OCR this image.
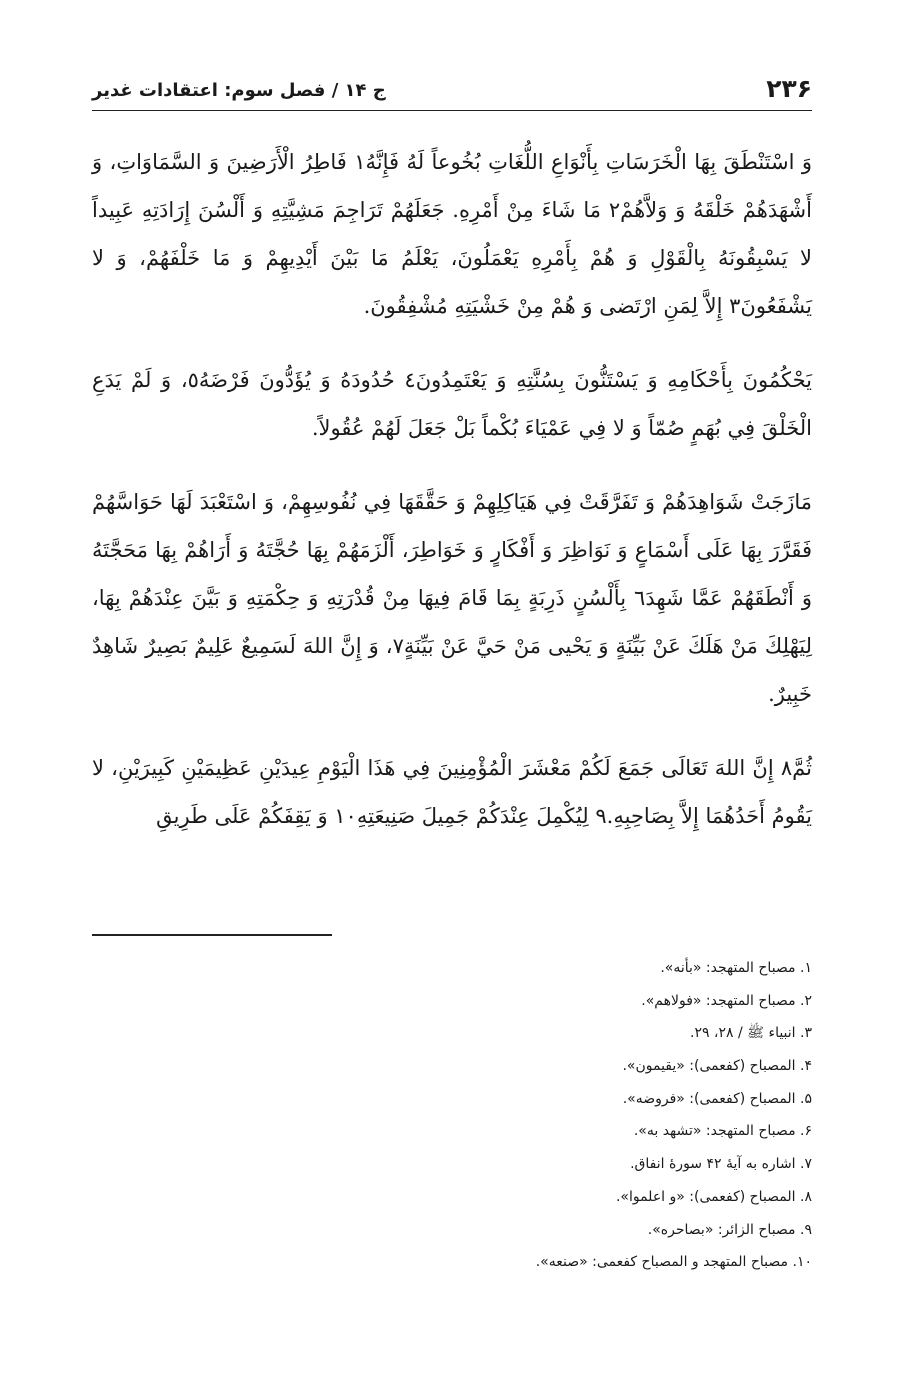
۲۳۶
ج ۱۴ / فصل سوم: اعتقادات غدیر

وَ اسْتَنْطَقَ بِهَا الْخَرَسَاتِ بِأَنْوَاعِ اللُّغَاتِ بُخُوعاً لَهُ فَإِنَّهُ١ فَاطِرُ الْأَرَضِينَ وَ السَّمَاوَاتِ، وَ أَشْهَدَهُمْ خَلْقَهُ وَ وَلاَّهُمْ٢ مَا شَاءَ مِنْ أَمْرِهِ. جَعَلَهُمْ تَرَاجِمَ مَشِيَّتِهِ وَ أَلْسُنَ إِرَادَتِهِ عَبِيداً لا يَسْبِقُونَهُ بِالْقَوْلِ وَ هُمْ بِأَمْرِهِ يَعْمَلُونَ، يَعْلَمُ مَا بَيْنَ أَيْدِيهِمْ وَ مَا خَلْفَهُمْ، وَ لا يَشْفَعُونَ٣ إِلاَّ لِمَنِ ارْتَضى وَ هُمْ مِنْ خَشْيَتِهِ مُشْفِقُونَ.

يَحْكُمُونَ بِأَحْكَامِهِ وَ يَسْتَنُّونَ بِسُنَّتِهِ وَ يَعْتَمِدُونَ٤ حُدُودَهُ وَ يُؤَدُّونَ فَرْضَهُ٥، وَ لَمْ يَدَعِ الْخَلْقَ فِي بُهَمٍ صُمّاً وَ لا فِي عَمْيَاءَ بُكْماً بَلْ جَعَلَ لَهُمْ عُقُولاً.

مَازَجَتْ شَوَاهِدَهُمْ وَ تَفَرَّقَتْ فِي هَيَاكِلِهِمْ وَ حَقَّقَهَا فِي نُفُوسِهِمْ، وَ اسْتَعْبَدَ لَهَا حَوَاسَّهُمْ فَقَرَّرَ بِهَا عَلَى أَسْمَاعٍ وَ نَوَاظِرَ وَ أَفْكَارٍ وَ خَوَاطِرَ، أَلْزَمَهُمْ بِهَا حُجَّتَهُ وَ أَرَاهُمْ بِهَا مَحَجَّتَهُ وَ أَنْطَقَهُمْ عَمَّا شَهِدَ٦ بِأَلْسُنٍ ذَرِبَةٍ بِمَا قَامَ فِيهَا مِنْ قُدْرَتِهِ وَ حِكْمَتِهِ وَ بَيَّنَ عِنْدَهُمْ بِهَا، لِيَهْلِكَ مَنْ هَلَكَ عَنْ بَيِّنَةٍ وَ يَحْيى مَنْ حَيَّ عَنْ بَيِّنَةٍ٧، وَ إِنَّ اللهَ لَسَمِيعٌ عَلِيمٌ بَصِيرٌ شَاهِدٌ خَبِيرٌ.

ثُمَّ٨ إِنَّ اللهَ تَعَالَى جَمَعَ لَكُمْ مَعْشَرَ الْمُؤْمِنِينَ فِي هَذَا الْيَوْمِ عِيدَيْنِ عَظِيمَيْنِ كَبِيرَيْنِ، لا يَقُومُ أَحَدُهُمَا إِلاَّ بِصَاحِبِهِ.٩ لِيُكْمِلَ عِنْدَكُمْ جَمِيلَ صَنِيعَتِهِ١٠ وَ يَقِفَكُمْ عَلَى طَرِيقِ

۱. مصباح المتهجد: «بأنه».
۲. مصباح المتهجد: «فولاهم».
۳. انبياء ﷺ / ۲۸، ۲۹.
۴. المصباح (كفعمى): «يقيمون».
۵. المصباح (كفعمى): «فروضه».
۶. مصباح المتهجد: «تشهد به».
۷. اشاره به آيهٔ ۴۲ سورهٔ انفاق.
۸. المصباح (كفعمى): «و اعلموا».
۹. مصباح الزائر: «بصاحره».
۱۰. مصباح المتهجد و المصباح كفعمى: «صنعه».
